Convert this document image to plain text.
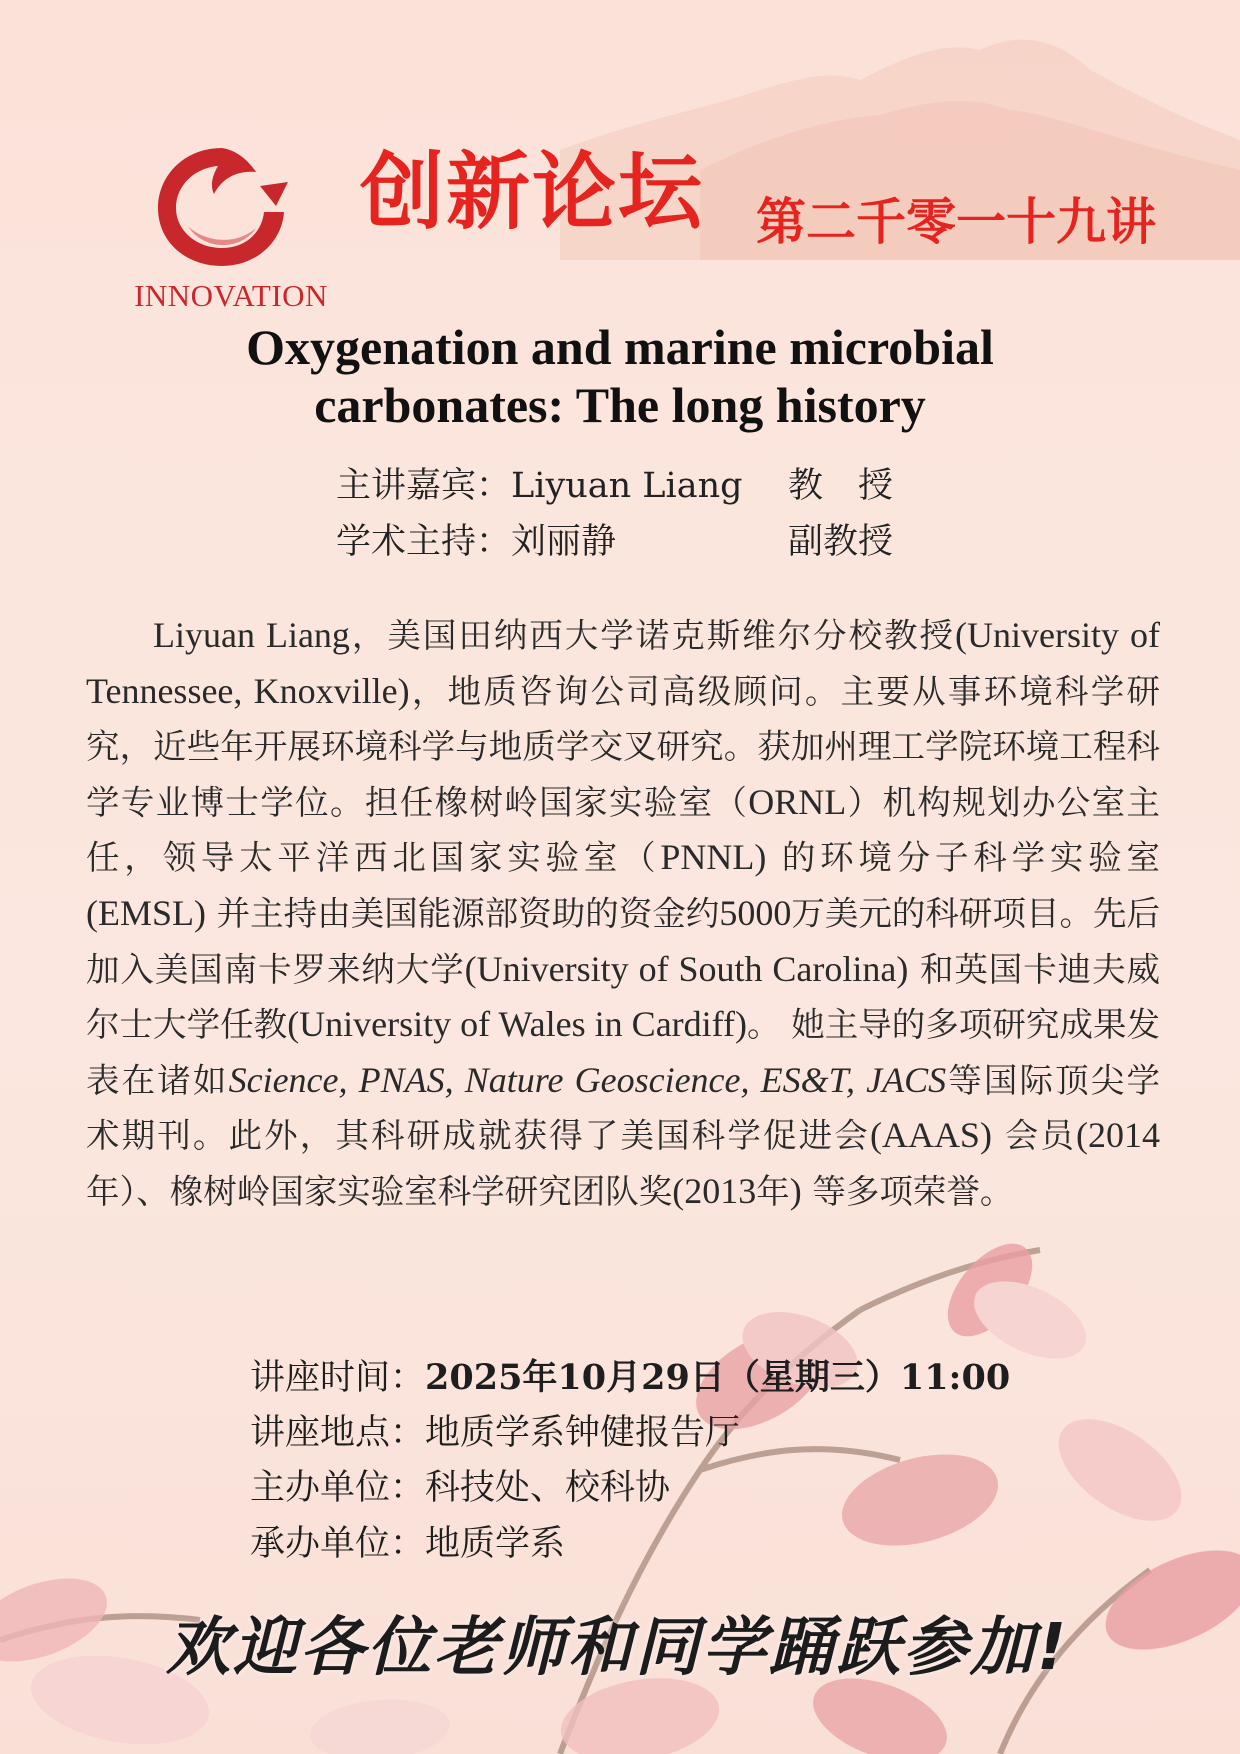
INNOVATION
创新论坛 第二千零一十九讲
Oxygenation and marine microbial
carbonates: The long history
主讲嘉宾：Liyuan Liang 教　授
学术主持：刘丽静	副教授
Liyuan Liang，美国田纳西大学诺克斯维尔分校教授(University of Tennessee, Knoxville)，地质咨询公司高级顾问。主要从事环境科学研究，近些年开展环境科学与地质学交叉研究。获加州理工学院环境工程科学专业博士学位。担任橡树岭国家实验室（ORNL）机构规划办公室主任，领导太平洋西北国家实验室（PNNL) 的环境分子科学实验室(EMSL) 并主持由美国能源部资助的资金约5000万美元的科研项目。先后加入美国南卡罗来纳大学(University of South Carolina) 和英国卡迪夫威尔士大学任教(University of Wales in Cardiff)。 她主导的多项研究成果发表在诸如Science, PNAS, Nature Geoscience, ES&T, JACS等国际顶尖学术期刊。此外，其科研成就获得了美国科学促进会(AAAS) 会员(2014年）、橡树岭国家实验室科学研究团队奖(2013年) 等多项荣誉。
讲座时间：2025年10月29日（星期三）11:00
讲座地点：地质学系钟健报告厅
主办单位：科技处、校科协
承办单位：地质学系
欢迎各位老师和同学踊跃参加!
